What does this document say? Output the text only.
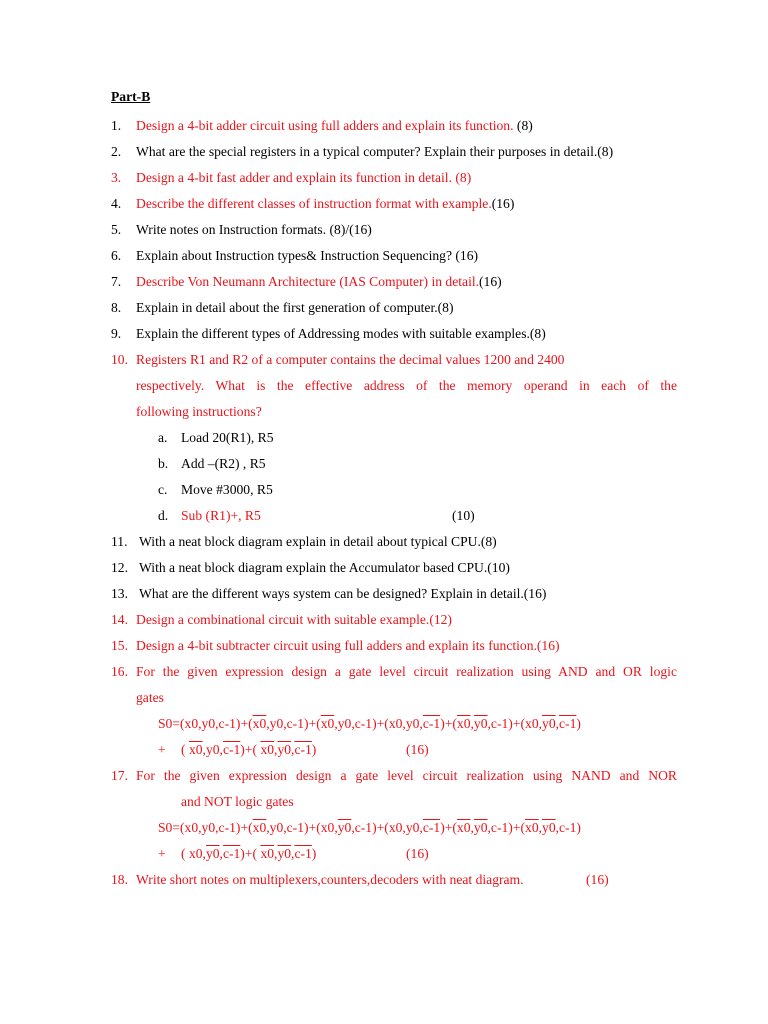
Part-B
1. Design a 4-bit adder circuit using full adders and explain its function. (8)
2. What are the special registers in a typical computer? Explain their purposes in detail.(8)
3. Design a 4-bit fast adder and explain its function in detail. (8)
4. Describe the different classes of instruction format with example.(16)
5. Write notes on Instruction formats. (8)/(16)
6. Explain about Instruction types& Instruction Sequencing? (16)
7. Describe Von Neumann Architecture (IAS Computer) in detail.(16)
8. Explain in detail about the first generation of computer.(8)
9. Explain the different types of Addressing modes with suitable examples.(8)
10. Registers R1 and R2 of a computer contains the decimal values 1200 and 2400
respectively. What is the effective address of the memory operand in each of the
following instructions?
a. Load 20(R1), R5
b. Add –(R2) , R5
c. Move #3000, R5
d. Sub (R1)+, R5	(10)
11. With a neat block diagram explain in detail about typical CPU.(8)
12. With a neat block diagram explain the Accumulator based CPU.(10)
13. What are the different ways system can be designed? Explain in detail.(16)
14. Design a combinational circuit with suitable example.(12)
15. Design a 4-bit subtracter circuit using full adders and explain its function.(16)
16. For the given expression design a gate level circuit realization using AND and OR logic
gates
S0=(x0,y0,c-1)+(x0,y0,c-1)+(x0,y0,c-1)+(x0,y0,c-1)+(x0,y0,c-1)+(x0,y0,c-1)
+ ( x0,y0,c-1)+( x0,y0,c-1)	(16)
17. For the given expression design a gate level circuit realization using NAND and NOR
and NOT logic gates
S0=(x0,y0,c-1)+(x0,y0,c-1)+(x0,y0,c-1)+(x0,y0,c-1)+(x0,y0,c-1)+(x0,y0,c-1)
+ ( x0,y0,c-1)+( x0,y0,c-1)	(16)
18. Write short notes on multiplexers,counters,decoders with neat diagram.	(16)
